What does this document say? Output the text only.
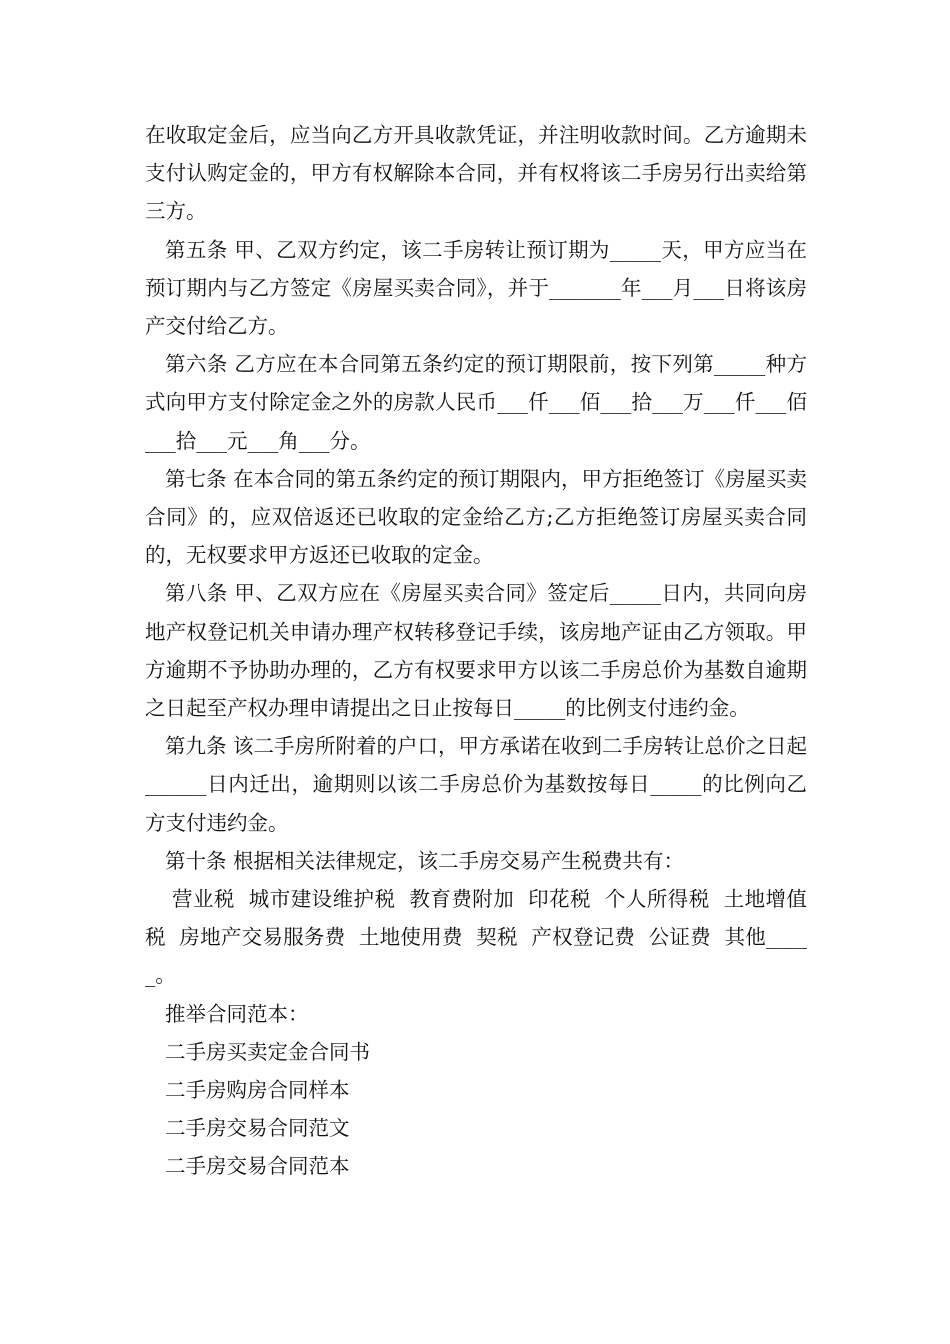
在收取定金后，应当向乙方开具收款凭证，并注明收款时间。乙方逾期未支付认购定金的，甲方有权解除本合同，并有权将该二手房另行出卖给第三方。

第五条 甲、乙双方约定，该二手房转让预订期为_____天，甲方应当在预订期内与乙方签定《房屋买卖合同》，并于_______年___月___日将该房产交付给乙方。

第六条 乙方应在本合同第五条约定的预订期限前，按下列第_____种方式向甲方支付除定金之外的房款人民币___仟___佰___拾___万___仟___佰___拾___元___角___分。

第七条 在本合同的第五条约定的预订期限内，甲方拒绝签订《房屋买卖合同》的，应双倍返还已收取的定金给乙方;乙方拒绝签订房屋买卖合同的，无权要求甲方返还已收取的定金。

第八条 甲、乙双方应在《房屋买卖合同》签定后_____日内，共同向房地产权登记机关申请办理产权转移登记手续，该房地产证由乙方领取。甲方逾期不予协助办理的，乙方有权要求甲方以该二手房总价为基数自逾期之日起至产权办理申请提出之日止按每日_____的比例支付违约金。

第九条 该二手房所附着的户口，甲方承诺在收到二手房转让总价之日起______日内迁出，逾期则以该二手房总价为基数按每日_____的比例向乙方支付违约金。

第十条 根据相关法律规定，该二手房交易产生税费共有：

营业税  城市建设维护税  教育费附加  印花税  个人所得税  土地增值税  房地产交易服务费  土地使用费  契税  产权登记费  公证费  其他_____。

推举合同范本：

二手房买卖定金合同书

二手房购房合同样本

二手房交易合同范文

二手房交易合同范本
